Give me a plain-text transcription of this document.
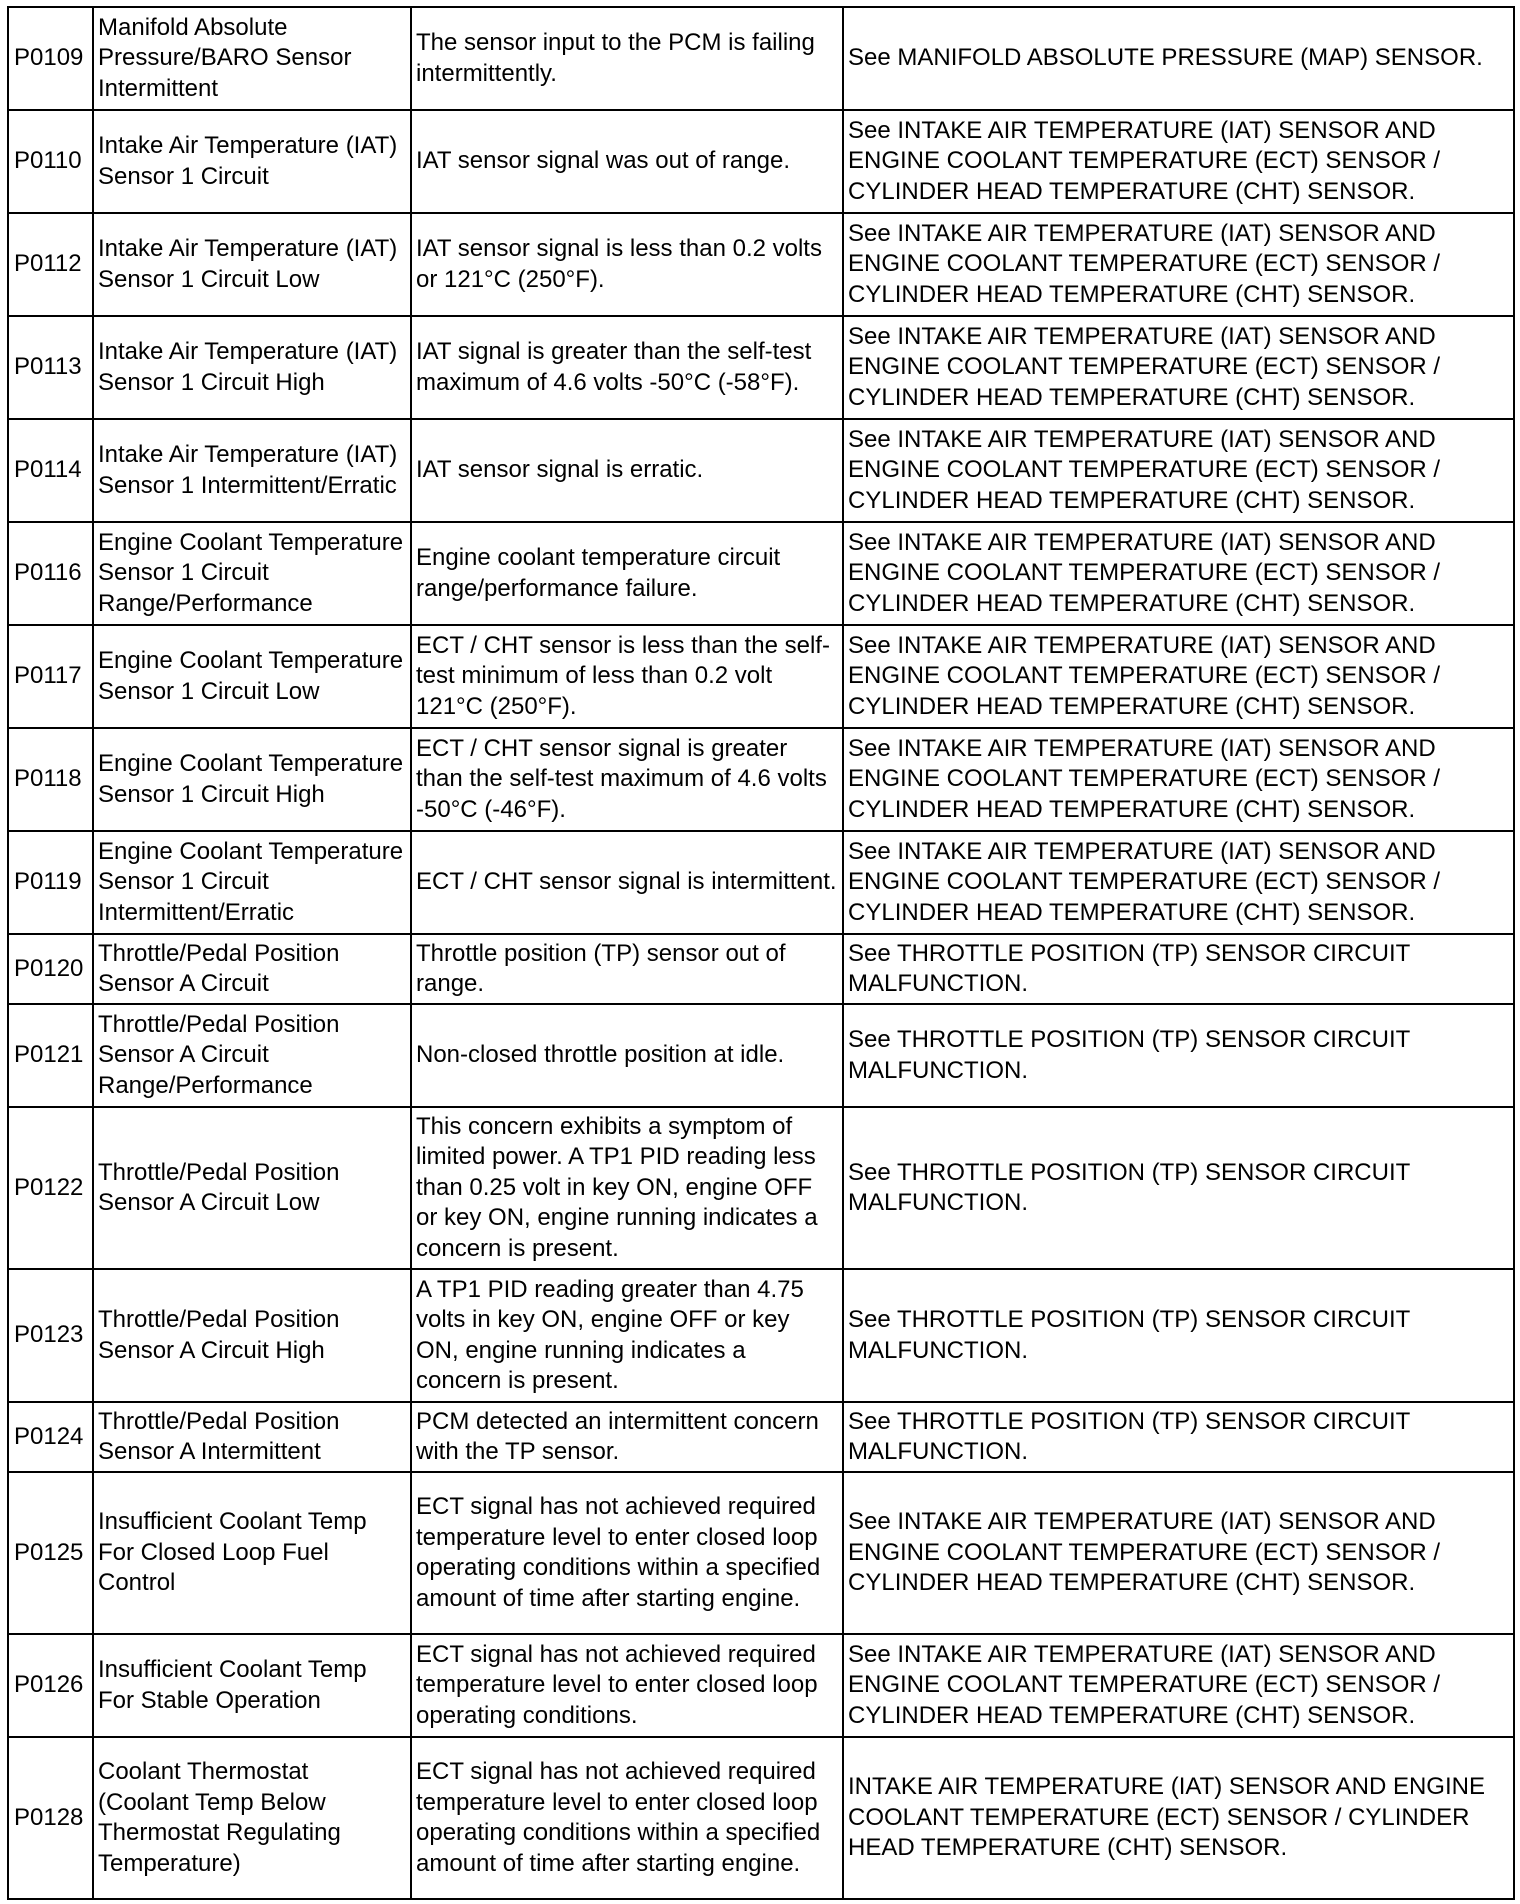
P0109	Manifold Absolute Pressure/BARO Sensor Intermittent	The sensor input to the PCM is failing intermittently.	See MANIFOLD ABSOLUTE PRESSURE (MAP) SENSOR.
P0110	Intake Air Temperature (IAT) Sensor 1 Circuit	IAT sensor signal was out of range.	See INTAKE AIR TEMPERATURE (IAT) SENSOR AND ENGINE COOLANT TEMPERATURE (ECT) SENSOR / CYLINDER HEAD TEMPERATURE (CHT) SENSOR.
P0112	Intake Air Temperature (IAT) Sensor 1 Circuit Low	IAT sensor signal is less than 0.2 volts or 121°C (250°F).	See INTAKE AIR TEMPERATURE (IAT) SENSOR AND ENGINE COOLANT TEMPERATURE (ECT) SENSOR / CYLINDER HEAD TEMPERATURE (CHT) SENSOR.
P0113	Intake Air Temperature (IAT) Sensor 1 Circuit High	IAT signal is greater than the self-test maximum of 4.6 volts -50°C (-58°F).	See INTAKE AIR TEMPERATURE (IAT) SENSOR AND ENGINE COOLANT TEMPERATURE (ECT) SENSOR / CYLINDER HEAD TEMPERATURE (CHT) SENSOR.
P0114	Intake Air Temperature (IAT) Sensor 1 Intermittent/Erratic	IAT sensor signal is erratic.	See INTAKE AIR TEMPERATURE (IAT) SENSOR AND ENGINE COOLANT TEMPERATURE (ECT) SENSOR / CYLINDER HEAD TEMPERATURE (CHT) SENSOR.
P0116	Engine Coolant Temperature Sensor 1 Circuit Range/Performance	Engine coolant temperature circuit range/performance failure.	See INTAKE AIR TEMPERATURE (IAT) SENSOR AND ENGINE COOLANT TEMPERATURE (ECT) SENSOR / CYLINDER HEAD TEMPERATURE (CHT) SENSOR.
P0117	Engine Coolant Temperature Sensor 1 Circuit Low	ECT / CHT sensor is less than the self-test minimum of less than 0.2 volt 121°C (250°F).	See INTAKE AIR TEMPERATURE (IAT) SENSOR AND ENGINE COOLANT TEMPERATURE (ECT) SENSOR / CYLINDER HEAD TEMPERATURE (CHT) SENSOR.
P0118	Engine Coolant Temperature Sensor 1 Circuit High	ECT / CHT sensor signal is greater than the self-test maximum of 4.6 volts -50°C (-46°F).	See INTAKE AIR TEMPERATURE (IAT) SENSOR AND ENGINE COOLANT TEMPERATURE (ECT) SENSOR / CYLINDER HEAD TEMPERATURE (CHT) SENSOR.
P0119	Engine Coolant Temperature Sensor 1 Circuit Intermittent/Erratic	ECT / CHT sensor signal is intermittent.	See INTAKE AIR TEMPERATURE (IAT) SENSOR AND ENGINE COOLANT TEMPERATURE (ECT) SENSOR / CYLINDER HEAD TEMPERATURE (CHT) SENSOR.
P0120	Throttle/Pedal Position Sensor A Circuit	Throttle position (TP) sensor out of range.	See THROTTLE POSITION (TP) SENSOR CIRCUIT MALFUNCTION.
P0121	Throttle/Pedal Position Sensor A Circuit Range/Performance	Non-closed throttle position at idle.	See THROTTLE POSITION (TP) SENSOR CIRCUIT MALFUNCTION.
P0122	Throttle/Pedal Position Sensor A Circuit Low	This concern exhibits a symptom of limited power. A TP1 PID reading less than 0.25 volt in key ON, engine OFF or key ON, engine running indicates a concern is present.	See THROTTLE POSITION (TP) SENSOR CIRCUIT MALFUNCTION.
P0123	Throttle/Pedal Position Sensor A Circuit High	A TP1 PID reading greater than 4.75 volts in key ON, engine OFF or key ON, engine running indicates a concern is present.	See THROTTLE POSITION (TP) SENSOR CIRCUIT MALFUNCTION.
P0124	Throttle/Pedal Position Sensor A Intermittent	PCM detected an intermittent concern with the TP sensor.	See THROTTLE POSITION (TP) SENSOR CIRCUIT MALFUNCTION.
P0125	Insufficient Coolant Temp For Closed Loop Fuel Control	ECT signal has not achieved required temperature level to enter closed loop operating conditions within a specified amount of time after starting engine.	See INTAKE AIR TEMPERATURE (IAT) SENSOR AND ENGINE COOLANT TEMPERATURE (ECT) SENSOR / CYLINDER HEAD TEMPERATURE (CHT) SENSOR.
P0126	Insufficient Coolant Temp For Stable Operation	ECT signal has not achieved required temperature level to enter closed loop operating conditions.	See INTAKE AIR TEMPERATURE (IAT) SENSOR AND ENGINE COOLANT TEMPERATURE (ECT) SENSOR / CYLINDER HEAD TEMPERATURE (CHT) SENSOR.
P0128	Coolant Thermostat (Coolant Temp Below Thermostat Regulating Temperature)	ECT signal has not achieved required temperature level to enter closed loop operating conditions within a specified amount of time after starting engine.	INTAKE AIR TEMPERATURE (IAT) SENSOR AND ENGINE COOLANT TEMPERATURE (ECT) SENSOR / CYLINDER HEAD TEMPERATURE (CHT) SENSOR.
